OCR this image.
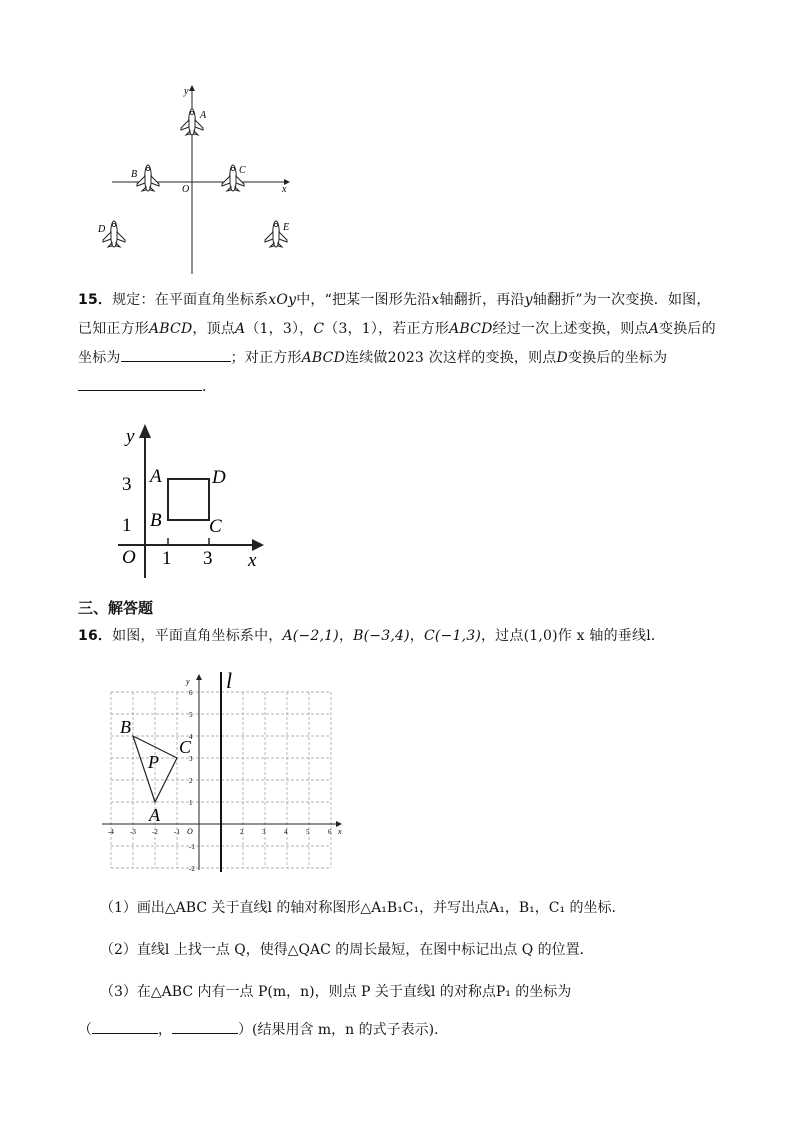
y
x
O
A
B	C
D	E
15．规定：在平面直角坐标系xOy中，“把某一图形先沿x轴翻折，再沿y轴翻折”为一次变换．如图，已知正方形ABCD，顶点A（1，3），C（3，1），若正方形ABCD经过一次上述变换，则点A变换后的坐标为	；对正方形ABCD连续做2023 次这样的变换，则点D变换后的坐标为．
y
x
O
3
1
1 3
A
B C
D
三、解答题
16．如图，平面直角坐标系中，A(−2,1)，B(−3,4)，C(−1,3)，过点(1,0)作 x 轴的垂线l．
l
y
x
O
-4 -3 -2 -1	2	3	4	5	6
6
5
4
3
2
1
-1
-2
B
C
P
A
（1）画出△ABC 关于直线l 的轴对称图形△A₁B₁C₁，并写出点A₁，B₁，C₁ 的坐标．
（2）直线l 上找一点 Q，使得△QAC 的周长最短，在图中标记出点 Q 的位置．
（3）在△ABC 内有一点 P(m，n)，则点 P 关于直线l 的对称点P₁ 的坐标为
（	，	）(结果用含 m，n 的式子表示)．
